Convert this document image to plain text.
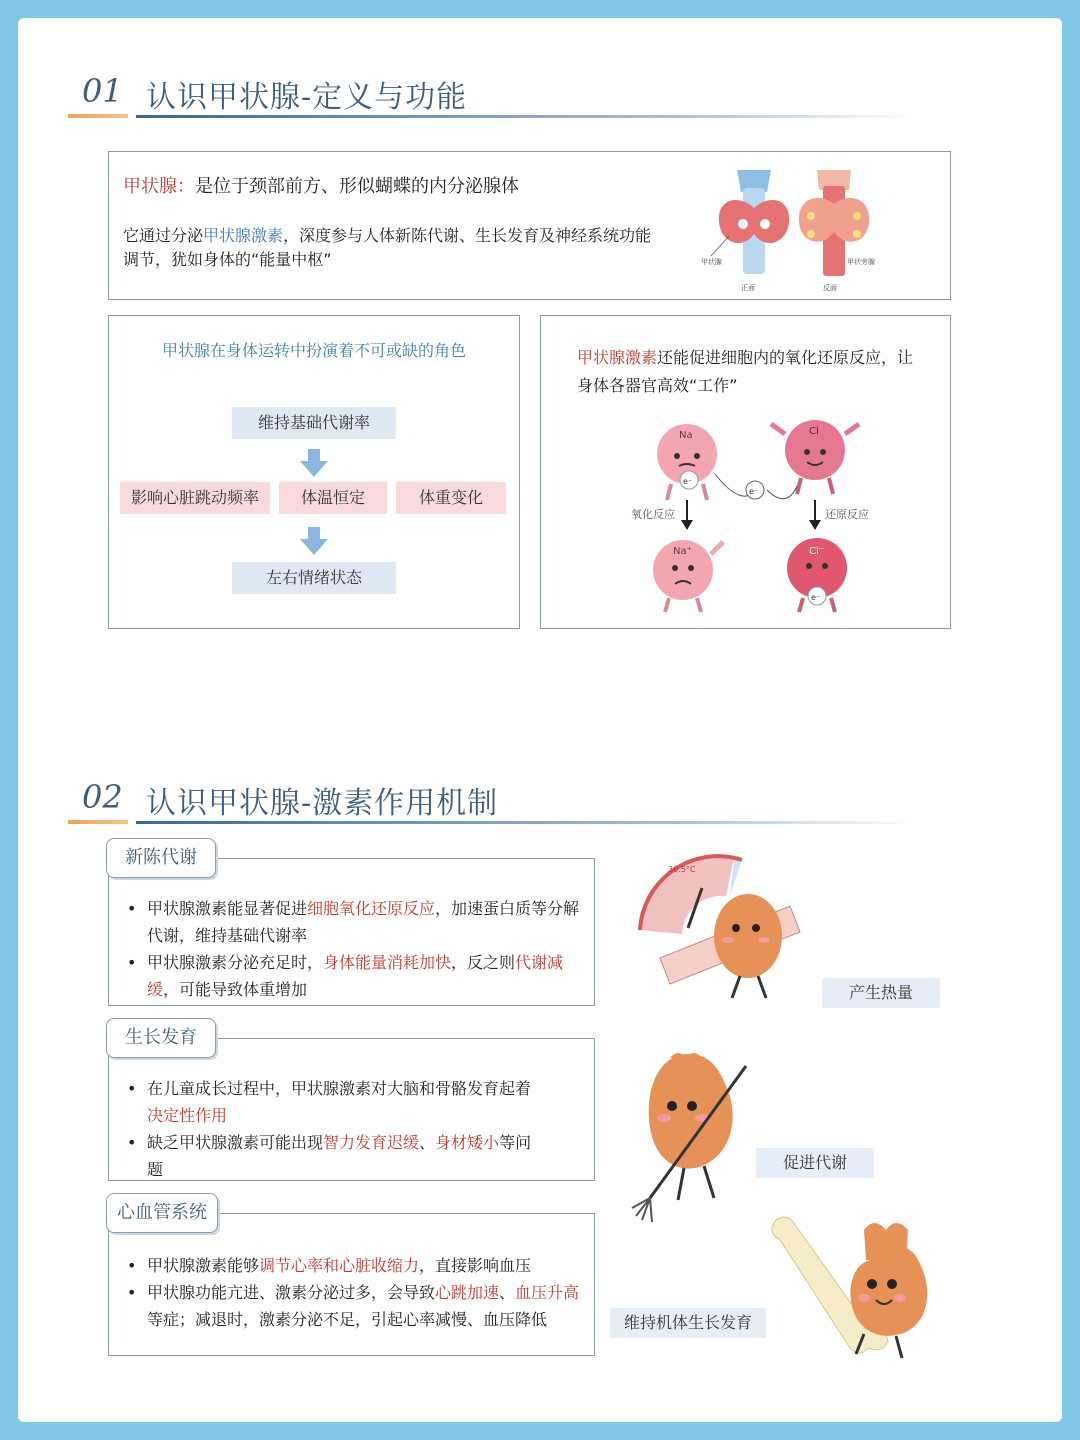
01 认识甲状腺-定义与功能
甲状腺：是位于颈部前方、形似蝴蝶的内分泌腺体
它通过分泌甲状腺激素，深度参与人体新陈代谢、生长发育及神经系统功能调节，犹如身体的“能量中枢”	甲状腺
正面
甲状旁腺
反面
甲状腺在身体运转中扮演着不可或缺的角色
维持基础代谢率
影响心脏跳动频率	体温恒定	体重变化
左右情绪状态
甲状腺激素还能促进细胞内的氧化还原反应，让身体各器官高效“工作”
Na
e⁻
Cl
e⁻
氧化反应	还原反应
Na⁺	Cl⁻
e⁻
02 认识甲状腺-激素作用机制
• 甲状腺激素能显著促进细胞氧化还原反应，加速蛋白质等分解代谢，维持基础代谢率
• 甲状腺激素分泌充足时，身体能量消耗加快，反之则代谢减缓，可能导致体重增加
新陈代谢
• 在儿童成长过程中，甲状腺激素对大脑和骨骼发育起着决定性作用
• 缺乏甲状腺激素可能出现智力发育迟缓、身材矮小等问题
生长发育
• 甲状腺激素能够调节心率和心脏收缩力，直接影响血压
• 甲状腺功能亢进、激素分泌过多，会导致心跳加速、血压升高等症；减退时，激素分泌不足，引起心率减慢、血压降低
心血管系统
36.5°C
产生热量
促进代谢
维持机体生长发育
